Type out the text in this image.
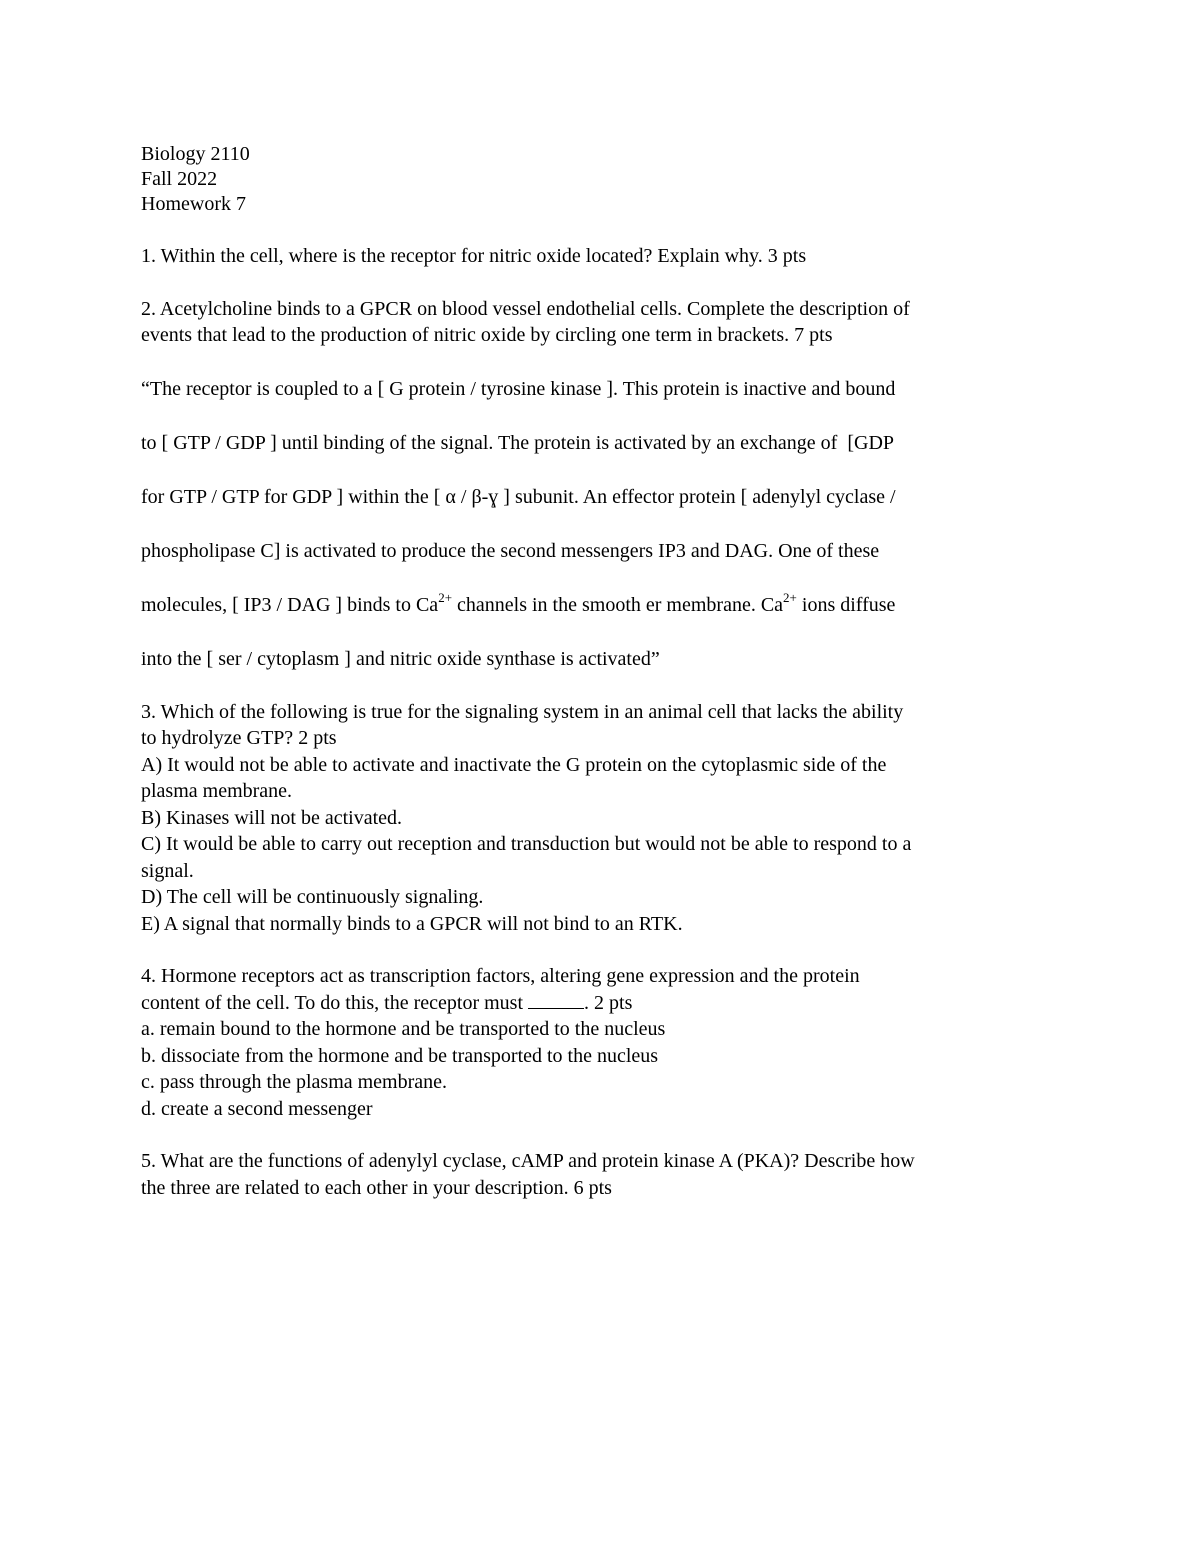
Biology 2110

Fall 2022

Homework 7

1. Within the cell, where is the receptor for nitric oxide located? Explain why. 3 pts

2. Acetylcholine binds to a GPCR on blood vessel endothelial cells. Complete the description of

events that lead to the production of nitric oxide by circling one term in brackets. 7 pts

“The receptor is coupled to a [ G protein / tyrosine kinase ]. This protein is inactive and bound

to [ GTP / GDP ] until binding of the signal. The protein is activated by an exchange of  [GDP

for GTP / GTP for GDP ] within the [ α / β-ɣ ] subunit. An effector protein [ adenylyl cyclase /

phospholipase C] is activated to produce the second messengers IP3 and DAG. One of these

molecules, [ IP3 / DAG ] binds to $Ca^{2+}$ channels in the smooth er membrane. $Ca^{2+}$ ions diffuse

into the [ ser / cytoplasm ] and nitric oxide synthase is activated”

3. Which of the following is true for the signaling system in an animal cell that lacks the ability

to hydrolyze GTP? 2 pts

A) It would not be able to activate and inactivate the G protein on the cytoplasmic side of the

plasma membrane.

B) Kinases will not be activated.

C) It would be able to carry out reception and transduction but would not be able to respond to a

signal.

D) The cell will be continuously signaling.

E) A signal that normally binds to a GPCR will not bind to an RTK.

4. Hormone receptors act as transcription factors, altering gene expression and the protein

content of the cell. To do this, the receptor must	. 2 pts

a. remain bound to the hormone and be transported to the nucleus

b. dissociate from the hormone and be transported to the nucleus

c. pass through the plasma membrane.

d. create a second messenger

5. What are the functions of adenylyl cyclase, cAMP and protein kinase A (PKA)? Describe how

the three are related to each other in your description. 6 pts
